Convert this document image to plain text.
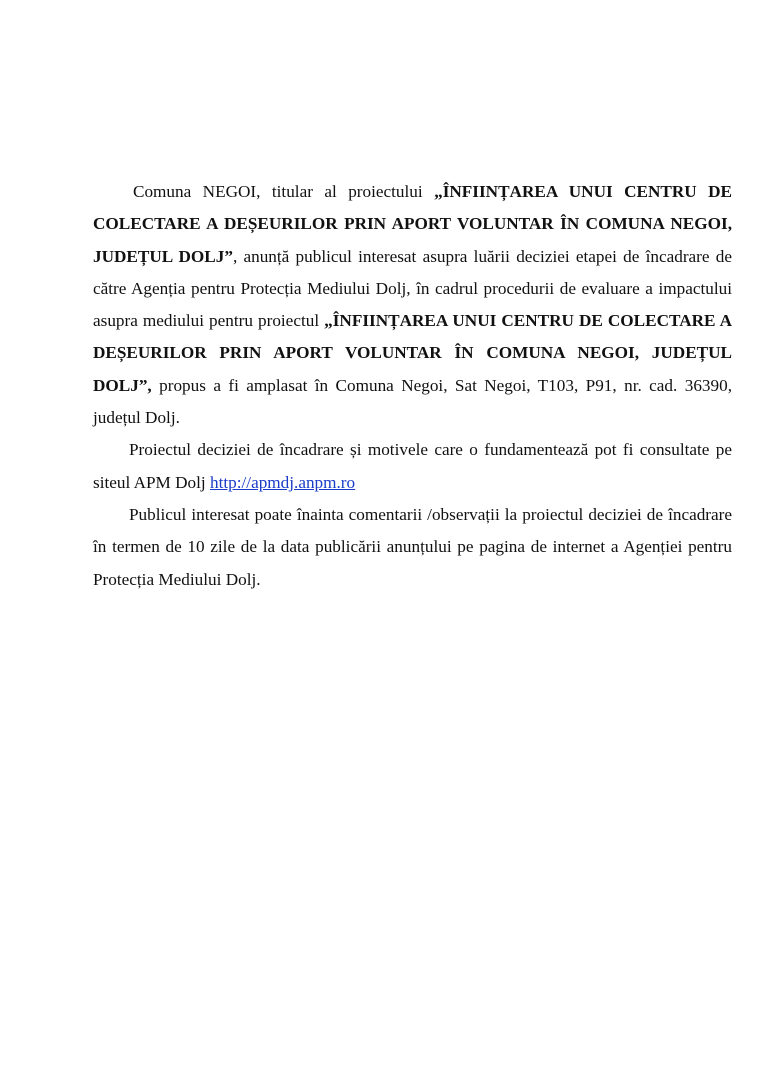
Comuna NEGOI, titular al proiectului „ÎNFIINȚAREA UNUI CENTRU DE COLECTARE A DEȘEURILOR PRIN APORT VOLUNTAR ÎN COMUNA NEGOI, JUDEȚUL DOLJ”, anunță publicul interesat asupra luării deciziei etapei de încadrare de către Agenția pentru Protecția Mediului Dolj, în cadrul procedurii de evaluare a impactului asupra mediului pentru proiectul „ÎNFIINȚAREA UNUI CENTRU DE COLECTARE A DEȘEURILOR PRIN APORT VOLUNTAR ÎN COMUNA NEGOI, JUDEȚUL DOLJ”, propus a fi amplasat în Comuna Negoi, Sat Negoi, T103, P91, nr. cad. 36390, județul Dolj.

Proiectul deciziei de încadrare și motivele care o fundamentează pot fi consultate pe siteul APM Dolj http://apmdj.anpm.ro

Publicul interesat poate înainta comentarii /observații la proiectul deciziei de încadrare în termen de 10 zile de la data publicării anunțului pe pagina de internet a Agenției pentru Protecția Mediului Dolj.
